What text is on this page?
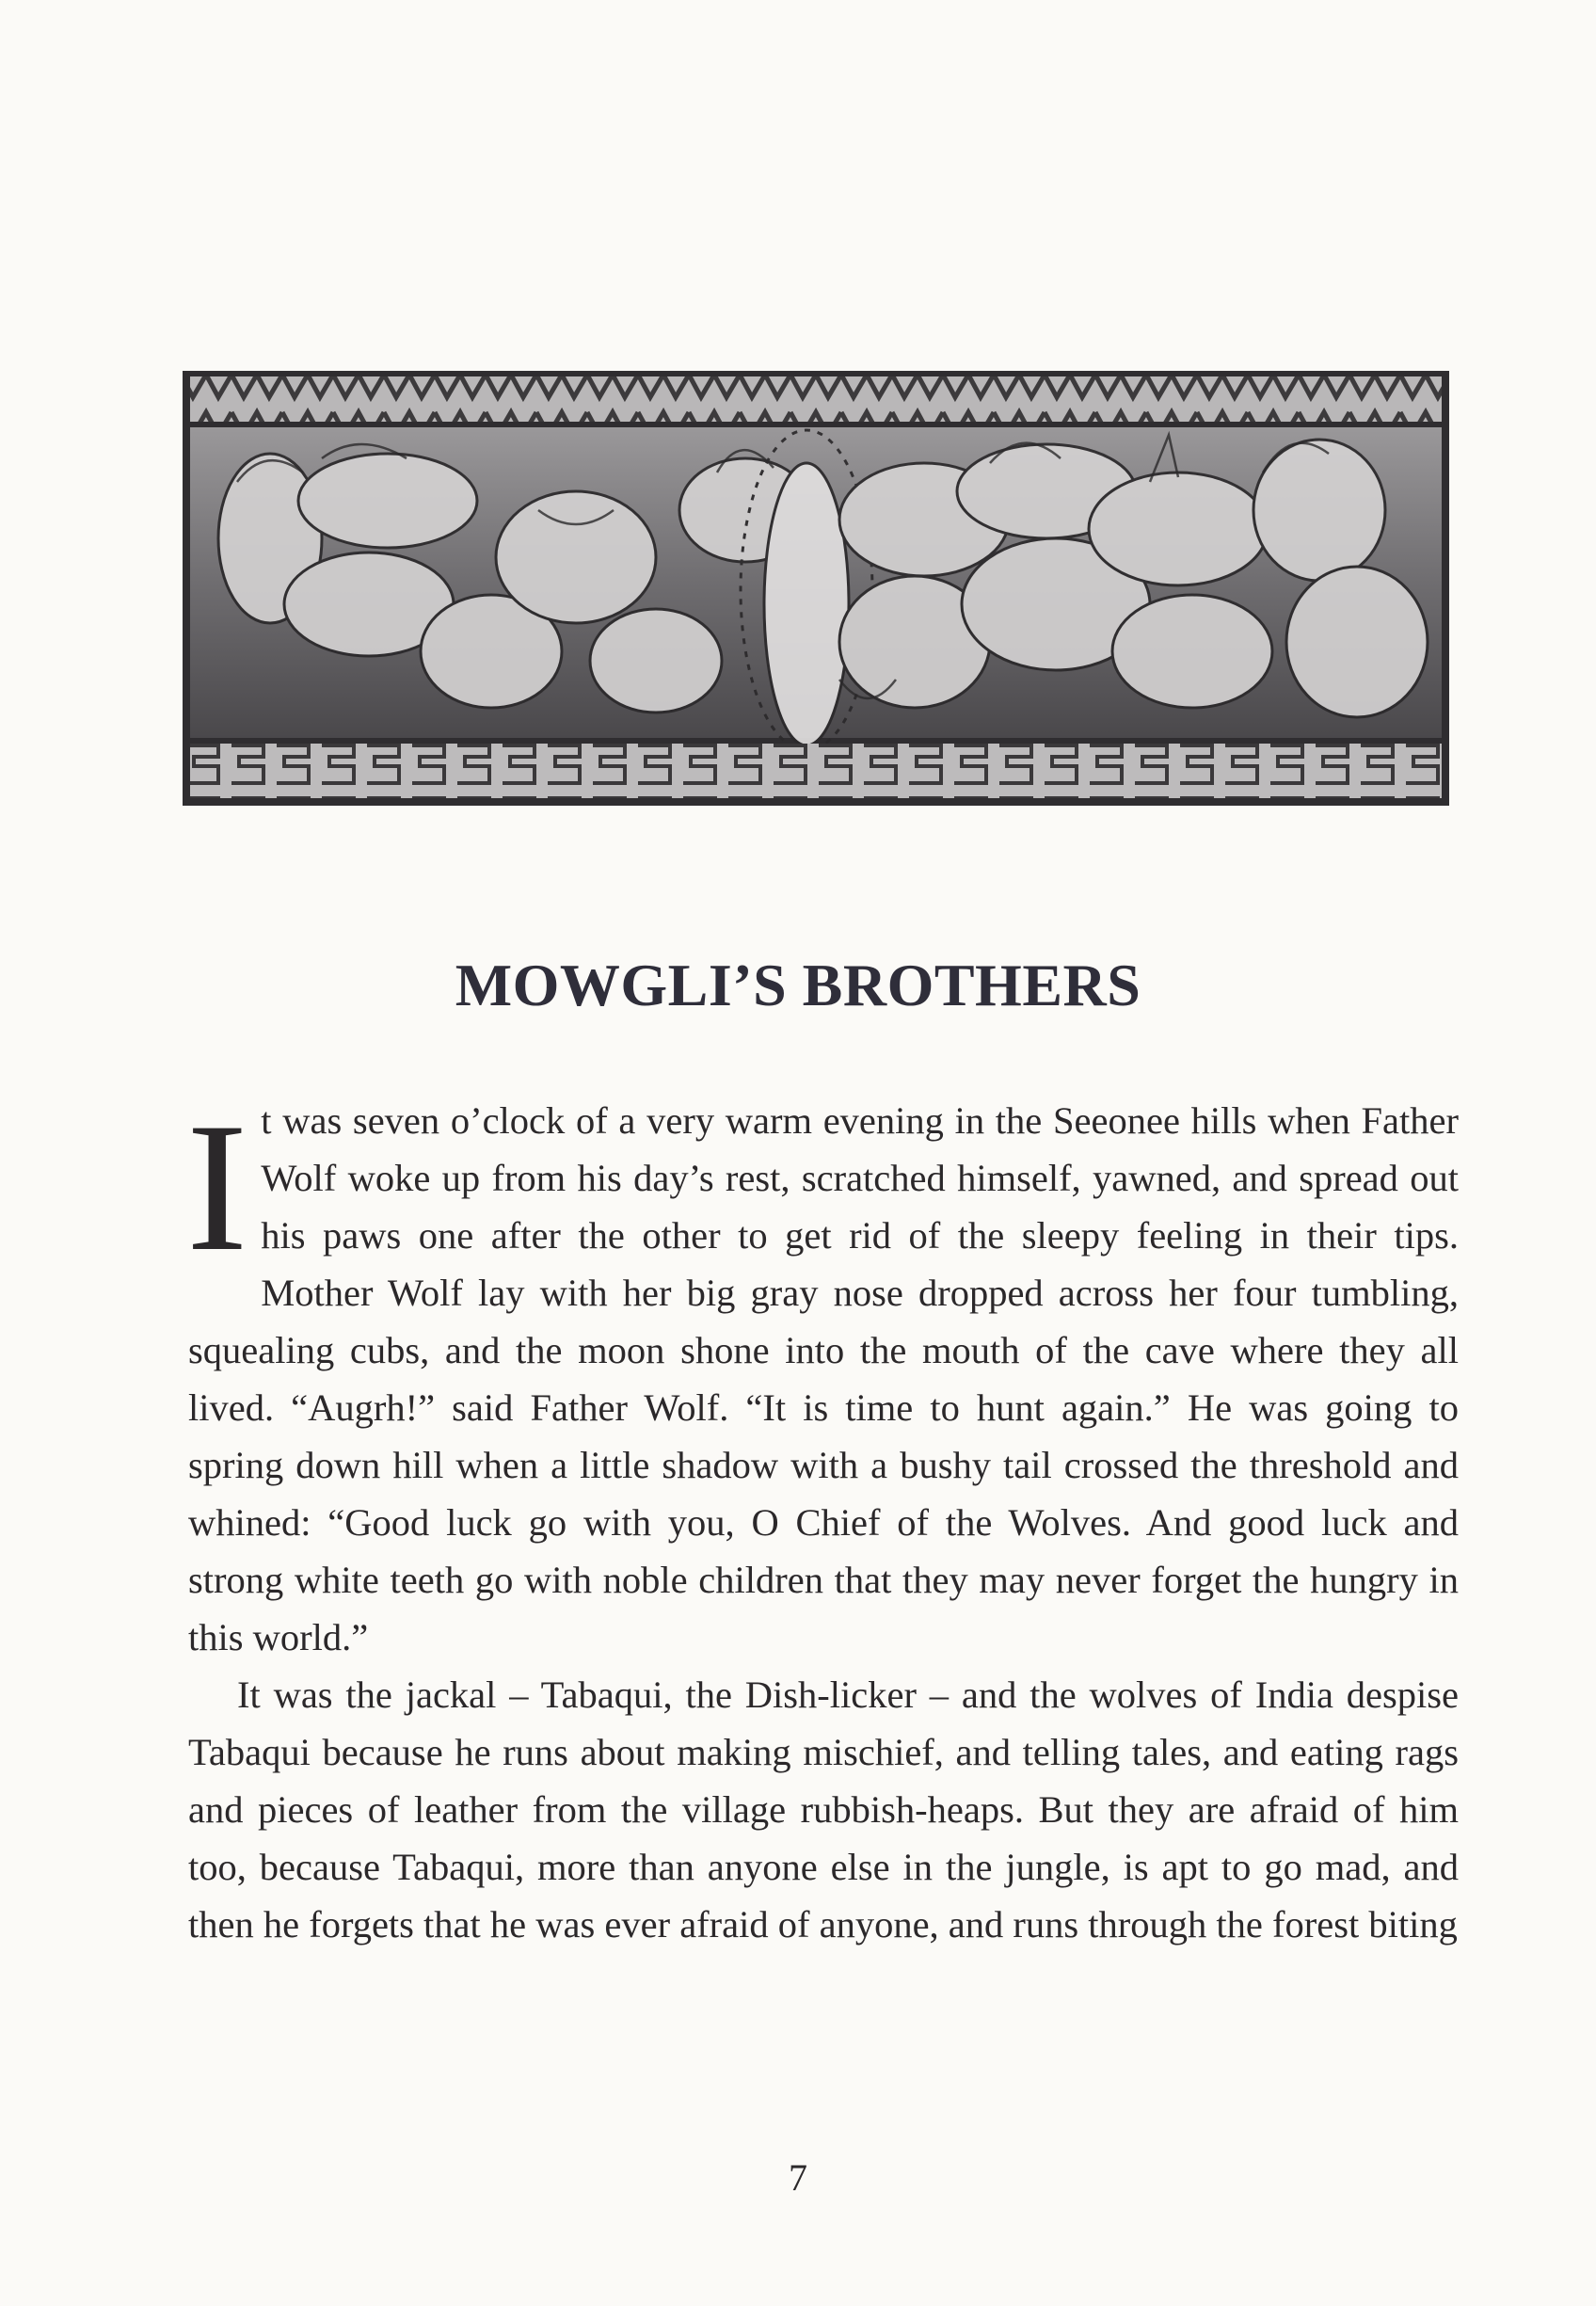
MOWGLI’S BROTHERS

It was seven o’clock of a very warm evening in the Seeonee hills when Father Wolf woke up from his day’s rest, scratched himself, yawned, and spread out his paws one after the other to get rid of the sleepy feeling in their tips. Mother Wolf lay with her big gray nose dropped across her four tumbling, squealing cubs, and the moon shone into the mouth of the cave where they all lived. “Augrh!” said Father Wolf. “It is time to hunt again.” He was going to spring down hill when a little shadow with a bushy tail crossed the threshold and whined: “Good luck go with you, O Chief of the Wolves. And good luck and strong white teeth go with noble children that they may never forget the hungry in this world.”

It was the jackal – Tabaqui, the Dish-licker – and the wolves of India despise Tabaqui because he runs about making mischief, and telling tales, and eating rags and pieces of leather from the village rubbish-heaps. But they are afraid of him too, because Tabaqui, more than anyone else in the jungle, is apt to go mad, and then he forgets that he was ever afraid of anyone, and runs through the forest biting

7
